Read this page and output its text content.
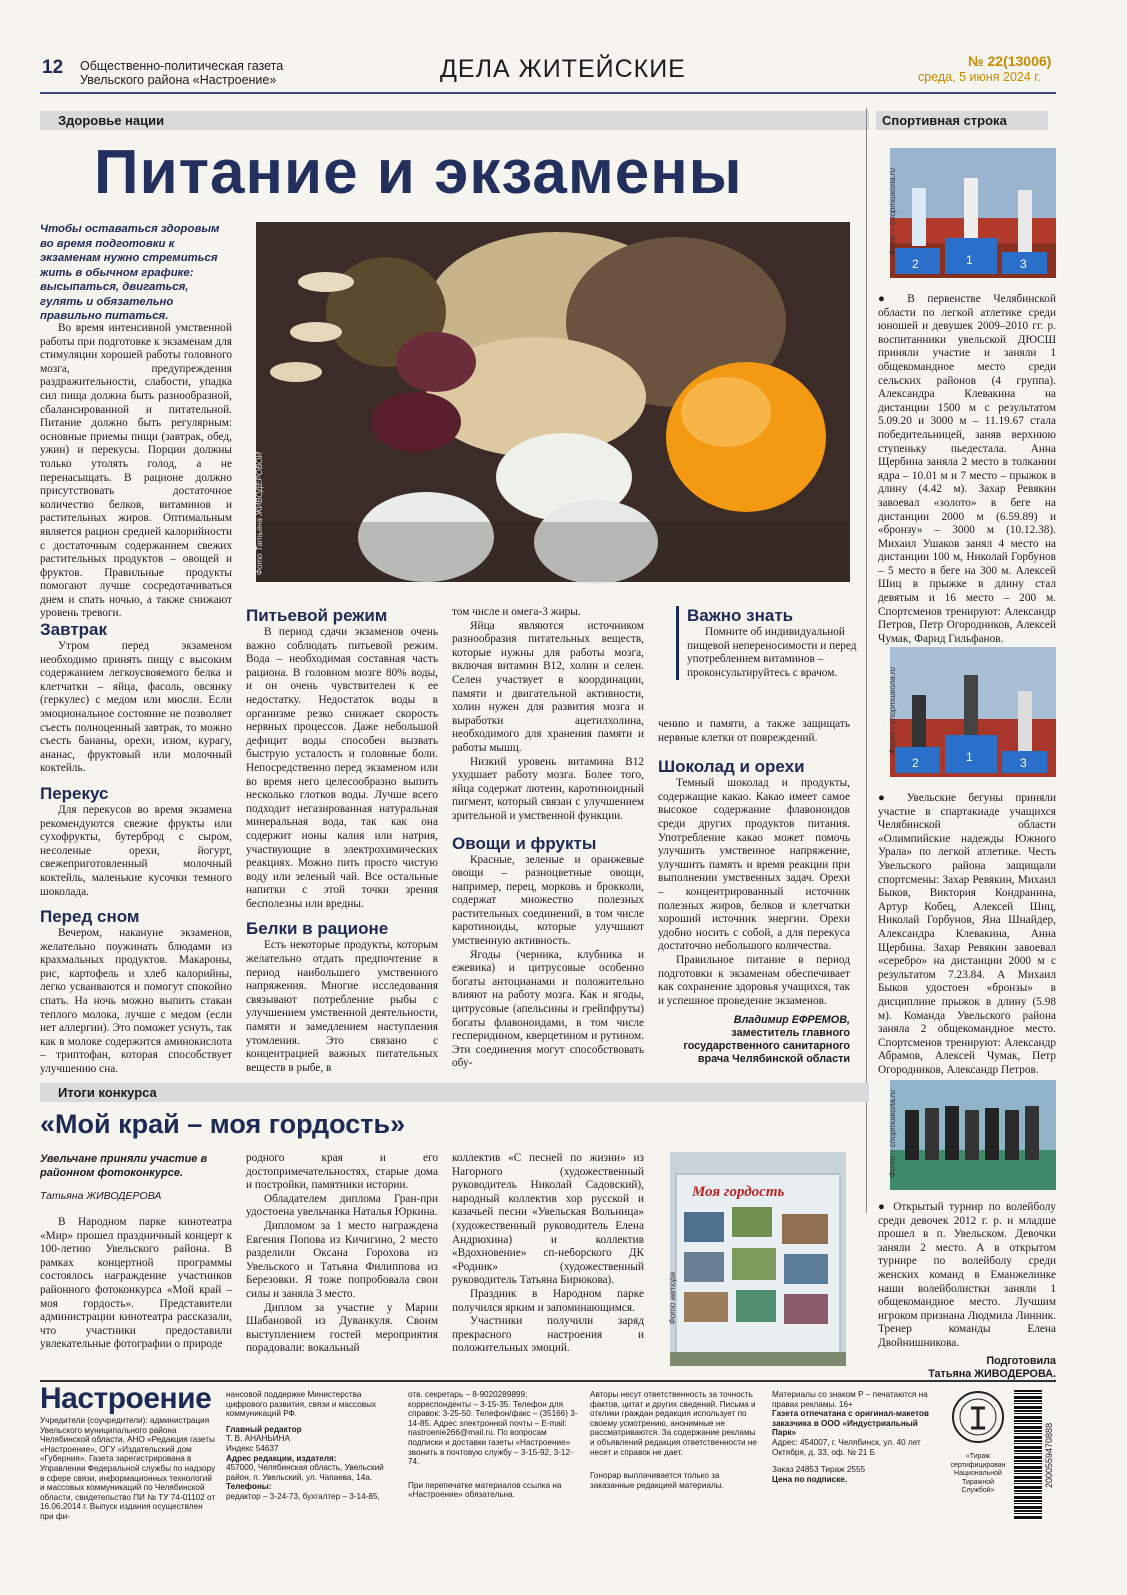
12 Общественно-политическая газета
Увельского района «Настроение»	ДЕЛА ЖИТЕЙСКИЕ	№ 22(13006)
среда, 5 июня 2024 г.
Здоровье нации
Питание и экзамены
Чтобы оставаться здоровым во время подготовки к экзаменам нужно стремиться жить в обычном графике: высыпаться, двигаться, гулять и обязательно правильно питаться.

Во время интенсивной умственной работы при подготовке к экзаменам для стимуляции хорошей работы головного мозга, предупреждения раздражительности, слабости, упадка сил пища должна быть разнообразной, сбалансированной и питательной. Питание должно быть регулярным: основные приемы пищи (завтрак, обед, ужин) и перекусы. Порции должны только утолять голод, а не перенасыщать. В рационе должно присутствовать достаточное количество белков, витаминов и растительных жиров. Оптимальным является рацион средней калорийности с достаточным содержанием свежих растительных продуктов – овощей и фруктов. Правильные продукты помогают лучше сосредотачиваться днем и спать ночью, а также снижают уровень тревоги.

Фото Татьяна ЖИВОДЕРОВОЙ
Завтрак

Утром перед экзаменом необходимо принять пищу с высоким содержанием легкоусвояемого белка и клетчатки – яйца, фасоль, овсянку (геркулес) с медом или мюсли. Если эмоциональное состояние не позволяет съесть полноценный завтрак, то можно съесть бананы, орехи, изюм, курагу, ананас, фруктовый или молочный коктейль.

Перекус

Для перекусов во время экзамена рекомендуются свежие фрукты или сухофрукты, бутерброд с сыром, несоленые орехи, йогурт, свежеприготовленный молочный коктейль, маленькие кусочки темного шоколада.

Перед сном

Вечером, накануне экзаменов, желательно поужинать блюдами из крахмальных продуктов. Макароны, рис, картофель и хлеб калорийны, легко усваиваются и помогут спокойно спать. На ночь можно выпить стакан теплого молока, лучше с медом (если нет аллергии). Это поможет уснуть, так как в молоке содержится аминокислота – триптофан, которая способствует улучшению сна.

Питьевой режим

В период сдачи экзаменов очень важно соблюдать питьевой режим. Вода – необходимая составная часть рациона. В головном мозге 80% воды, и он очень чувствителен к ее недостатку. Недостаток воды в организме резко снижает скорость нервных процессов. Даже небольшой дефицит воды способен вызвать быструю усталость и головные боли. Непосредственно перед экзаменом или во время него целесообразно выпить несколько глотков воды. Лучше всего подходит негазированная натуральная минеральная вода, так как она содержит ионы калия или натрия, участвующие в электрохимических реакциях. Можно пить просто чистую воду или зеленый чай. Все остальные напитки с этой точки зрения бесполезны или вредны.

Белки в рационе

Есть некоторые продукты, которым желательно отдать предпочтение в период наибольшего умственного напряжения. Многие исследования связывают потребление рыбы с улучшением умственной деятельности, памяти и замедлением наступления утомления. Это связано с концентрацией важных питательных веществ в рыбе, в

том числе и омега-3 жиры.

Яйца являются источником разнообразия питательных веществ, которые нужны для работы мозга, включая витамин В12, холин и селен. Селен участвует в координации, памяти и двигательной активности, холин нужен для развития мозга и выработки ацетилхолина, необходимого для хранения памяти и работы мышц.

Низкий уровень витамина В12 ухудшает работу мозга. Более того, яйца содержат лютеин, каротиноидный пигмент, который связан с улучшением зрительной и умственной функции.

Овощи и фрукты

Красные, зеленые и оранжевые овощи – разноцветные овощи, например, перец, морковь и брокколи, содержат множество полезных растительных соединений, в том числе каротиноиды, которые улучшают умственную активность.

Ягоды (черника, клубника и ежевика) и цитрусовые особенно богаты антоцианами и положительно влияют на работу мозга. Как и ягоды, цитрусовые (апельсины и грейпфруты) богаты флавоноидами, в том числе гесперидином, кверцетином и рутином. Эти соединения могут способствовать обу-

Важно знать

Помните об индивидуальной пищевой непереносимости и перед употреблением витаминов – проконсультируйтесь с врачом.

чению и памяти, а также защищать нервные клетки от повреждений.

Шоколад и орехи

Темный шоколад и продукты, содержащие какао. Какао имеет самое высокое содержание флавоноидов среди других продуктов питания. Употребление какао может помочь улучшить умственное напряжение, улучшить память и время реакции при выполнении умственных задач. Орехи – концентрированный источник полезных жиров, белков и клетчатки хороший источник энергии. Орехи удобно носить с собой, а для перекуса достаточно небольшого количества.

Правильное питание в период подготовки к экзаменам обеспечивает как сохранение здоровья учащихся, так и успешное проведение экзаменов.

Владимир ЕФРЕМОВ,
заместитель главного государственного санитарного врача Челябинской области
Спортивная строка
2	1	3
Фото – спортшкола.ru

● В первенстве Челябинской области по легкой атлетике среди юношей и девушек 2009–2010 гг. р. воспитанники увельской ДЮСШ приняли участие и заняли 1 общекомандное место среди сельских районов (4 группа). Александра Клевакина на дистанции 1500 м с результатом 5.09.20 и 3000 м – 11.19.67 стала победительницей, заняв верхнюю ступеньку пьедестала. Анна Щербина заняла 2 место в толкании ядра – 10.01 м и 7 место – прыжок в длину (4.42 м). Захар Ревякин завоевал «золото» в беге на дистанции 2000 м (6.59.89) и «бронзу» – 3000 м (10.12.38). Михаил Ушаков занял 4 место на дистанции 100 м, Николай Горбунов – 5 место в беге на 300 м. Алексей Шиц в прыжке в длину стал девятым и 16 место – 200 м. Спортсменов тренируют: Александр Петров, Петр Огородников, Алексей Чумак, Фарид Гильфанов.

2	1	3
Фото – спортшкола.ru

● Увельские бегуны приняли участие в спартакиаде учащихся Челябинской области «Олимпийские надежды Южного Урала» по легкой атлетике. Честь Увельского района защищали спортсмены: Захар Ревякин, Михаил Быков, Виктория Кондранина, Артур Кобец, Алексей Шиц, Николай Горбунов, Яна Шнайдер, Александра Клевакина, Анна Щербина. Захар Ревякин завоевал «серебро» на дистанции 2000 м с результатом 7.23.84. А Михаил Быков удостоен «бронзы» в дисциплине прыжок в длину (5.98 м). Команда Увельского района заняла 2 общекомандное место. Спортсменов тренируют: Александр Абрамов, Алексей Чумак, Петр Огородников, Александр Петров.

Фото – спортшкола.ru

● Открытый турнир по волейболу среди девочек 2012 г. р. и младше прошел в п. Увельском. Девочки заняли 2 место. А в открытом турнире по волейболу среди женских команд в Еманжелинке наши волейболистки заняли 1 общекомандное место. Лучшим игроком признана Людмила Линник. Тренер команды Елена Двойнишникова.

Подготовила
Татьяна ЖИВОДЕРОВА.
Итоги конкурса
«Мой край – моя гордость»
Увельчане приняли участие в районном фотоконкурсе.
Татьяна ЖИВОДЕРОВА

В Народном парке кинотеатра «Мир» прошел праздничный концерт к 100-летию Увельского района. В рамках концертной программы состоялось награждение участников районного фотоконкурса «Мой край – моя гордость». Представители администрации кинотеатра рассказали, что участники предоставили увлекательные фотографии о природе

родного края и его достопримечательностях, старые дома и постройки, памятники истории.

Обладателем диплома Гран-при удостоена увельчанка Наталья Юркина.

Дипломом за 1 место награждена Евгения Попова из Кичигино, 2 место разделили Оксана Горохова из Увельского и Татьяна Филиппова из Березовки. Я тоже попробовала свои силы и заняла 3 место.

Диплом за участие у Марии Шабановой из Дуванкуля. Своим выступлением гостей мероприятия порадовали: вокальный

коллектив «С песней по жизни» из Нагорного (художественный руководитель Николай Садовский), народный коллектив хор русской и казачьей песни «Увельская Вольница» (художественный руководитель Елена Андрюхина) и коллектив «Вдохновение» сп-неборского ДК «Родник» (художественный руководитель Татьяна Бирюкова).

Праздник в Народном парке получился ярким и запоминающимся.

Участники получили заряд прекрасного настроения и положительных эмоций.

Моя гордость
Фото автора
Настроение
Учредители (соучредители): администрация Увельского муниципального района Челябинской области, АНО «Редакция газеты «Настроение», ОГУ «Издательский дом «Губерния». Газета зарегистрирована в Управлении Федеральной службы по надзору в сфере связи, информационных технологий и массовых коммуникаций по Челябинской области, свидетельство ПИ № ТУ 74-01102 от 16.06.2014 г. Выпуск издания осуществлен при фи-
нансовой поддержке Министерства цифрового развития, связи и массовых коммуникаций РФ.
Главный редактор
Т. В. АНАНЬИНА
Индекс 54637
Адрес редакции, издателя:
457000, Челябинская область, Увельский район, п. Увельский, ул. Чапаева, 14а.
Телефоны:
редактор – 3-24-73, бухгалтер – 3-14-85,
отв. секретарь – 8-9020289899; корреспонденты – 3-15-35. Телефон для справок: 3-25-50. Телефон/факс – (35166) 3-14-85. Адрес электронной почты – E-mail: nastroenie266@mail.ru. По вопросам подписки и доставки газеты «Настроение» звонить в почтовую службу – 3-15-92, 3-12-74.
При перепечатке материалов ссылка на «Настроение» обязательна.
Авторы несут ответственность за точность фактов, цитат и других сведений. Письма и отклики граждан редакция использует по своему усмотрению, анонимные не рассматриваются. За содержание рекламы и объявлений редакция ответственности не несет и справок не дает.
Гонорар выплачивается только за заказанные редакцией материалы.
Материалы со знаком Р – печатаются на правах рекламы. 16+
Газета отпечатана с оригинал-макетов заказчика в ООО «Индустриальный Парк»
Адрес: 454007, г. Челябинск, ул. 40 лет Октября, д. 33, оф. № 21 Б
Заказ 24853 Тираж 2555
Цена по подписке.
«Тираж сертифицирован Национальной Тиражной Службой»
2000559470888
